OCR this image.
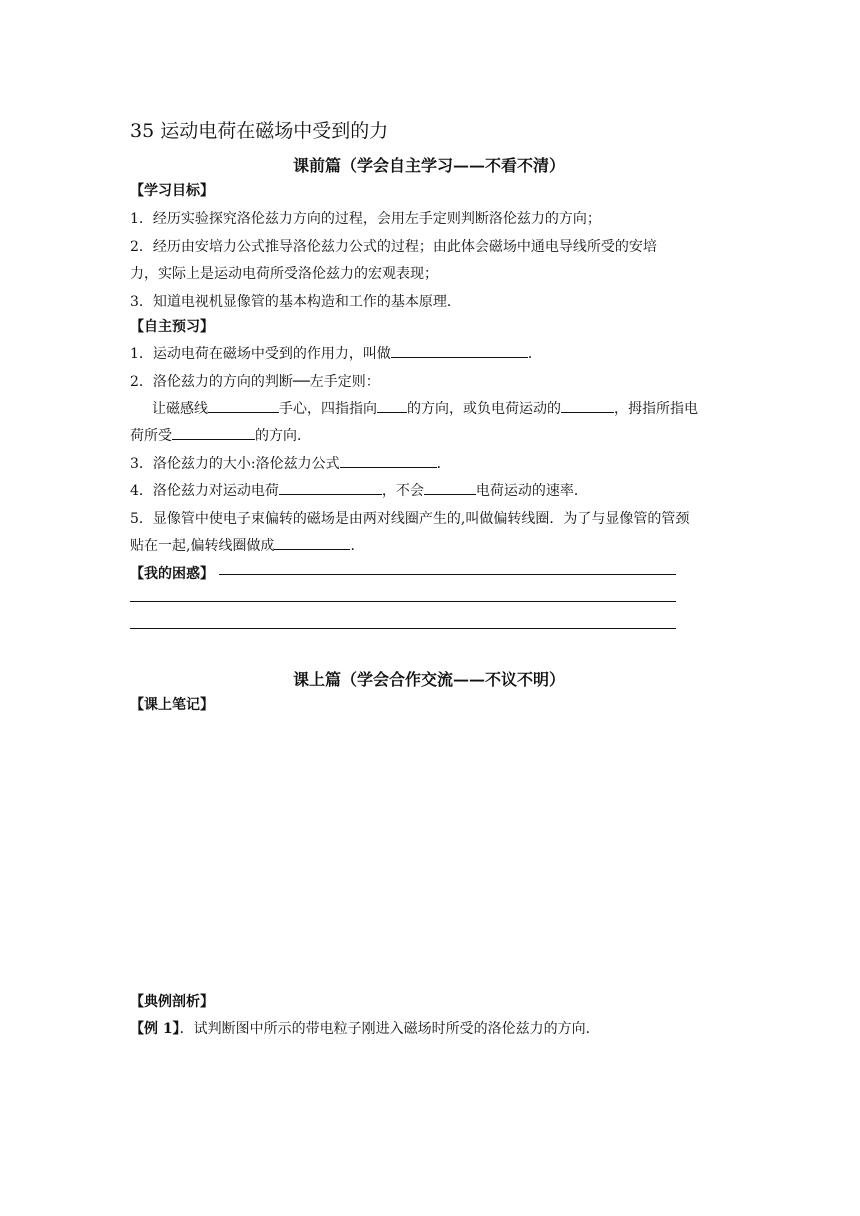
35 运动电荷在磁场中受到的力
课前篇（学会自主学习——不看不清）
【学习目标】
1．经历实验探究洛伦兹力方向的过程，会用左手定则判断洛伦兹力的方向；
2．经历由安培力公式推导洛伦兹力公式的过程；由此体会磁场中通电导线所受的安培
力，实际上是运动电荷所受洛伦兹力的宏观表现；
3．知道电视机显像管的基本构造和工作的基本原理．
【自主预习】
1．运动电荷在磁场中受到的作用力，叫做	．
2．洛伦兹力的方向的判断──左手定则：
让磁感线	手心，四指指向 的方向，或负电荷运动的	，拇指所指电
荷所受	的方向．
3．洛伦兹力的大小:洛伦兹力公式	．
4．洛伦兹力对运动电荷	，不会	电荷运动的速率．
5．显像管中使电子束偏转的磁场是由两对线圈产生的,叫做偏转线圈．为了与显像管的管颈
贴在一起,偏转线圈做成	．
【我的困惑】
课上篇（学会合作交流——不议不明）
【课上笔记】
【典例剖析】
【例 1】．试判断图中所示的带电粒子刚进入磁场时所受的洛伦兹力的方向．
